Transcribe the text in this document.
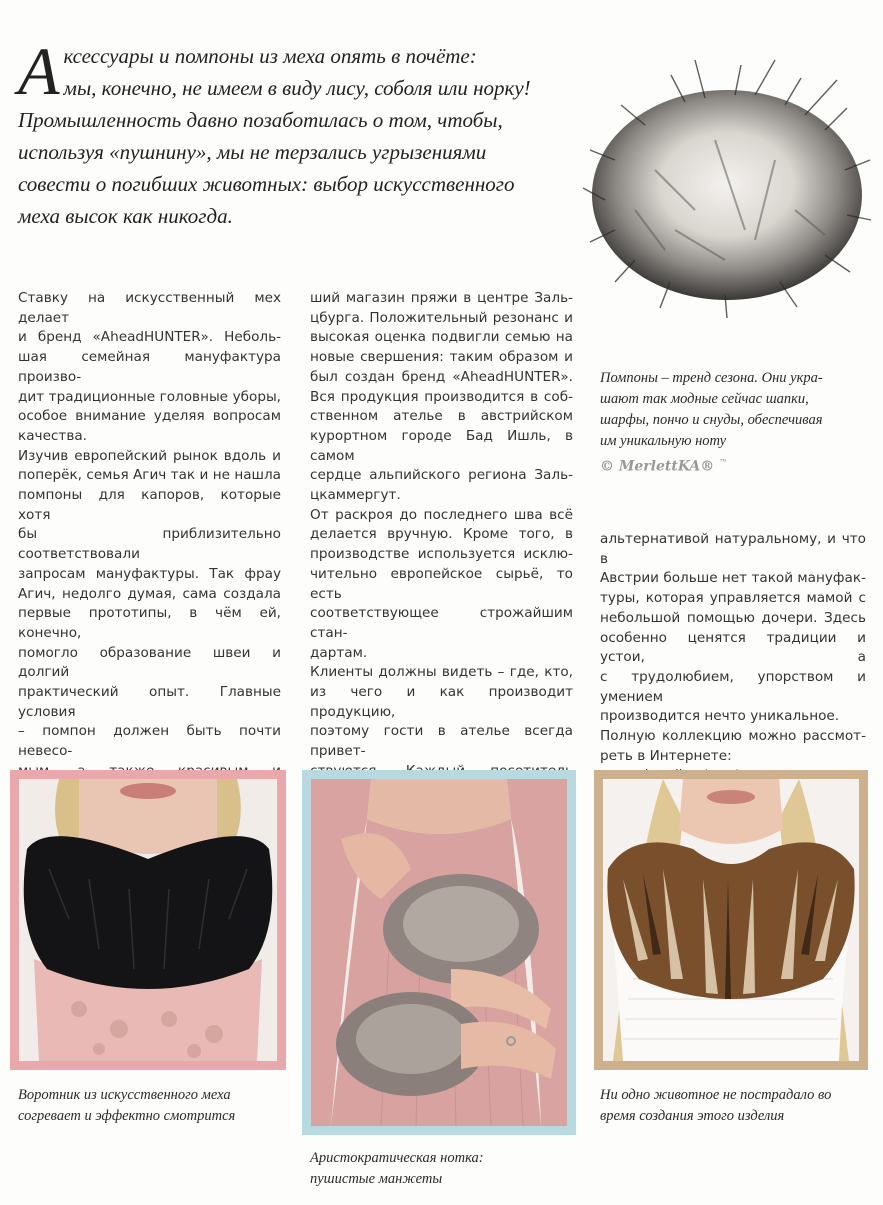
А ксессуары и помпоны из меха опять в почёте:

мы, конечно, не имеем в виду лису, соболя или норку!

Промышленность давно позаботилась о том, чтобы,

используя «пушнину», мы не терзались угрызениями

совести о погибших животных: выбор искусственного

меха высок как никогда.

Ставку на искусственный мех делает
и бренд «AheadHUNTER». Неболь-
шая семейная мануфактура произво-
дит традиционные головные уборы,
особое внимание уделяя вопросам
качества.

Изучив европейский рынок вдоль и
поперёк, семья Агич так и не нашла
помпоны для капоров, которые хотя
бы приблизительно соответствовали
запросам мануфактуры. Так фрау
Агич, недолго думая, сама создала
первые прототипы, в чём ей, конечно,
помогло образование швеи и долгий
практический опыт. Главные условия
– помпон должен быть почти невесо-

ший магазин пряжи в центре Заль-
цбурга. Положительный резонанс и
высокая оценка подвигли семью на
новые свершения: таким образом и
был создан бренд «AheadHUNTER».
Вся продукция производится в соб-
ственном ателье в австрийском
курортном городе Бад Ишль, в самом
сердце альпийского региона Заль-
цкаммергут.

От раскроя до последнего шва всё
делается вручную. Кроме того, в
производстве используется исклю-
чительно европейское сырьё, то есть
соответствующее строжайшим стан-
дартам.

Клиенты должны видеть – где, кто,
из чего и как производит продукцию,
поэтому гости в ателье всегда привет-

Помпоны – тренд сезона. Они укра-
шают так модные сейчас шапки,
шарфы, пончо и снуды, обеспечивая
им уникальную ноту
© MerlettKA® ™

альтернативой натуральному, и что в
Австрии больше нет такой мануфак-
туры, которая управляется мамой с
небольшой помощью дочери. Здесь
особенно ценятся традиции и устои, а
с трудолюбием, упорством и умением
производится нечто уникальное.

Полную коллекцию можно рассмот-
реть в Интернете:

Воротник из искусственного меха
согревает и эффектно смотрится
Аристократическая нотка:
пушистые манжеты
Ни одно животное не пострадало во
время создания этого изделия
